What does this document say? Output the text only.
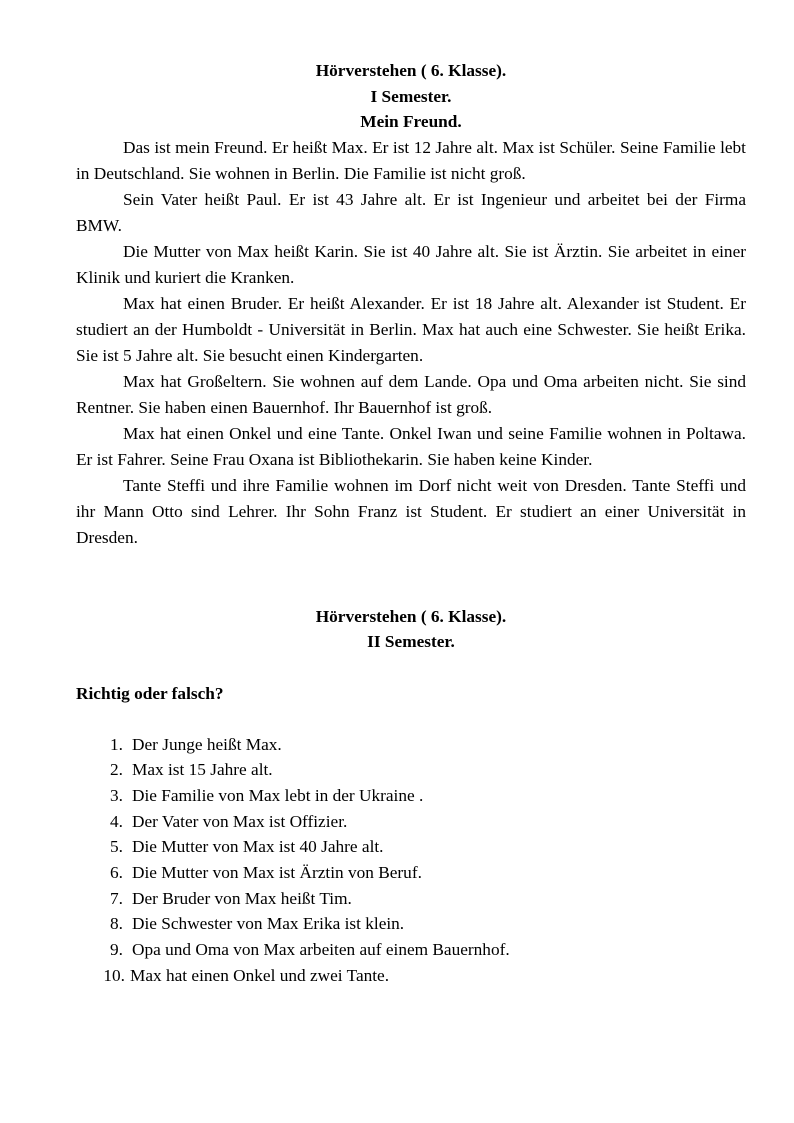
Hörverstehen ( 6. Klasse).

I Semester.

Mein Freund.

Das ist mein Freund. Er heißt Max. Er ist 12 Jahre alt. Max ist Schüler. Seine Familie lebt in Deutschland. Sie wohnen in Berlin. Die Familie ist nicht groß.

Sein Vater heißt Paul. Er ist 43 Jahre alt. Er ist Ingenieur und arbeitet bei der Firma BMW.

Die Mutter von Max heißt Karin. Sie ist 40 Jahre alt. Sie ist Ärztin. Sie arbeitet in einer Klinik und kuriert die Kranken.

Max hat einen Bruder. Er heißt Alexander. Er ist 18 Jahre alt. Alexander ist Student. Er studiert an der Humboldt - Universität in Berlin. Max hat auch eine Schwester. Sie heißt Erika. Sie ist 5 Jahre alt. Sie besucht einen Kindergarten.

Max hat Großeltern. Sie wohnen auf dem Lande. Opa und Oma arbeiten nicht. Sie sind Rentner. Sie haben einen Bauernhof. Ihr Bauernhof ist groß.

Max hat einen Onkel und eine Tante. Onkel Iwan und seine Familie wohnen in Poltawa. Er ist Fahrer. Seine Frau Oxana ist Bibliothekarin. Sie haben keine Kinder.

Tante Steffi und ihre Familie wohnen im Dorf nicht weit von Dresden. Tante Steffi und ihr Mann Otto sind Lehrer. Ihr Sohn Franz ist Student. Er studiert an einer Universität in Dresden.

Hörverstehen ( 6. Klasse).

II Semester.

Richtig oder falsch?

1. Der Junge heißt Max.
2. Max ist 15 Jahre alt.
3. Die Familie von Max lebt in der Ukraine .
4. Der Vater von Max ist Offizier.
5. Die Mutter von Max ist 40 Jahre alt.
6. Die Mutter von Max ist Ärztin von Beruf.
7. Der Bruder von Max heißt Tim.
8. Die Schwester von Max Erika ist klein.
9. Opa und Oma von Max arbeiten auf einem Bauernhof.
10. Max hat einen Onkel und zwei Tante.
